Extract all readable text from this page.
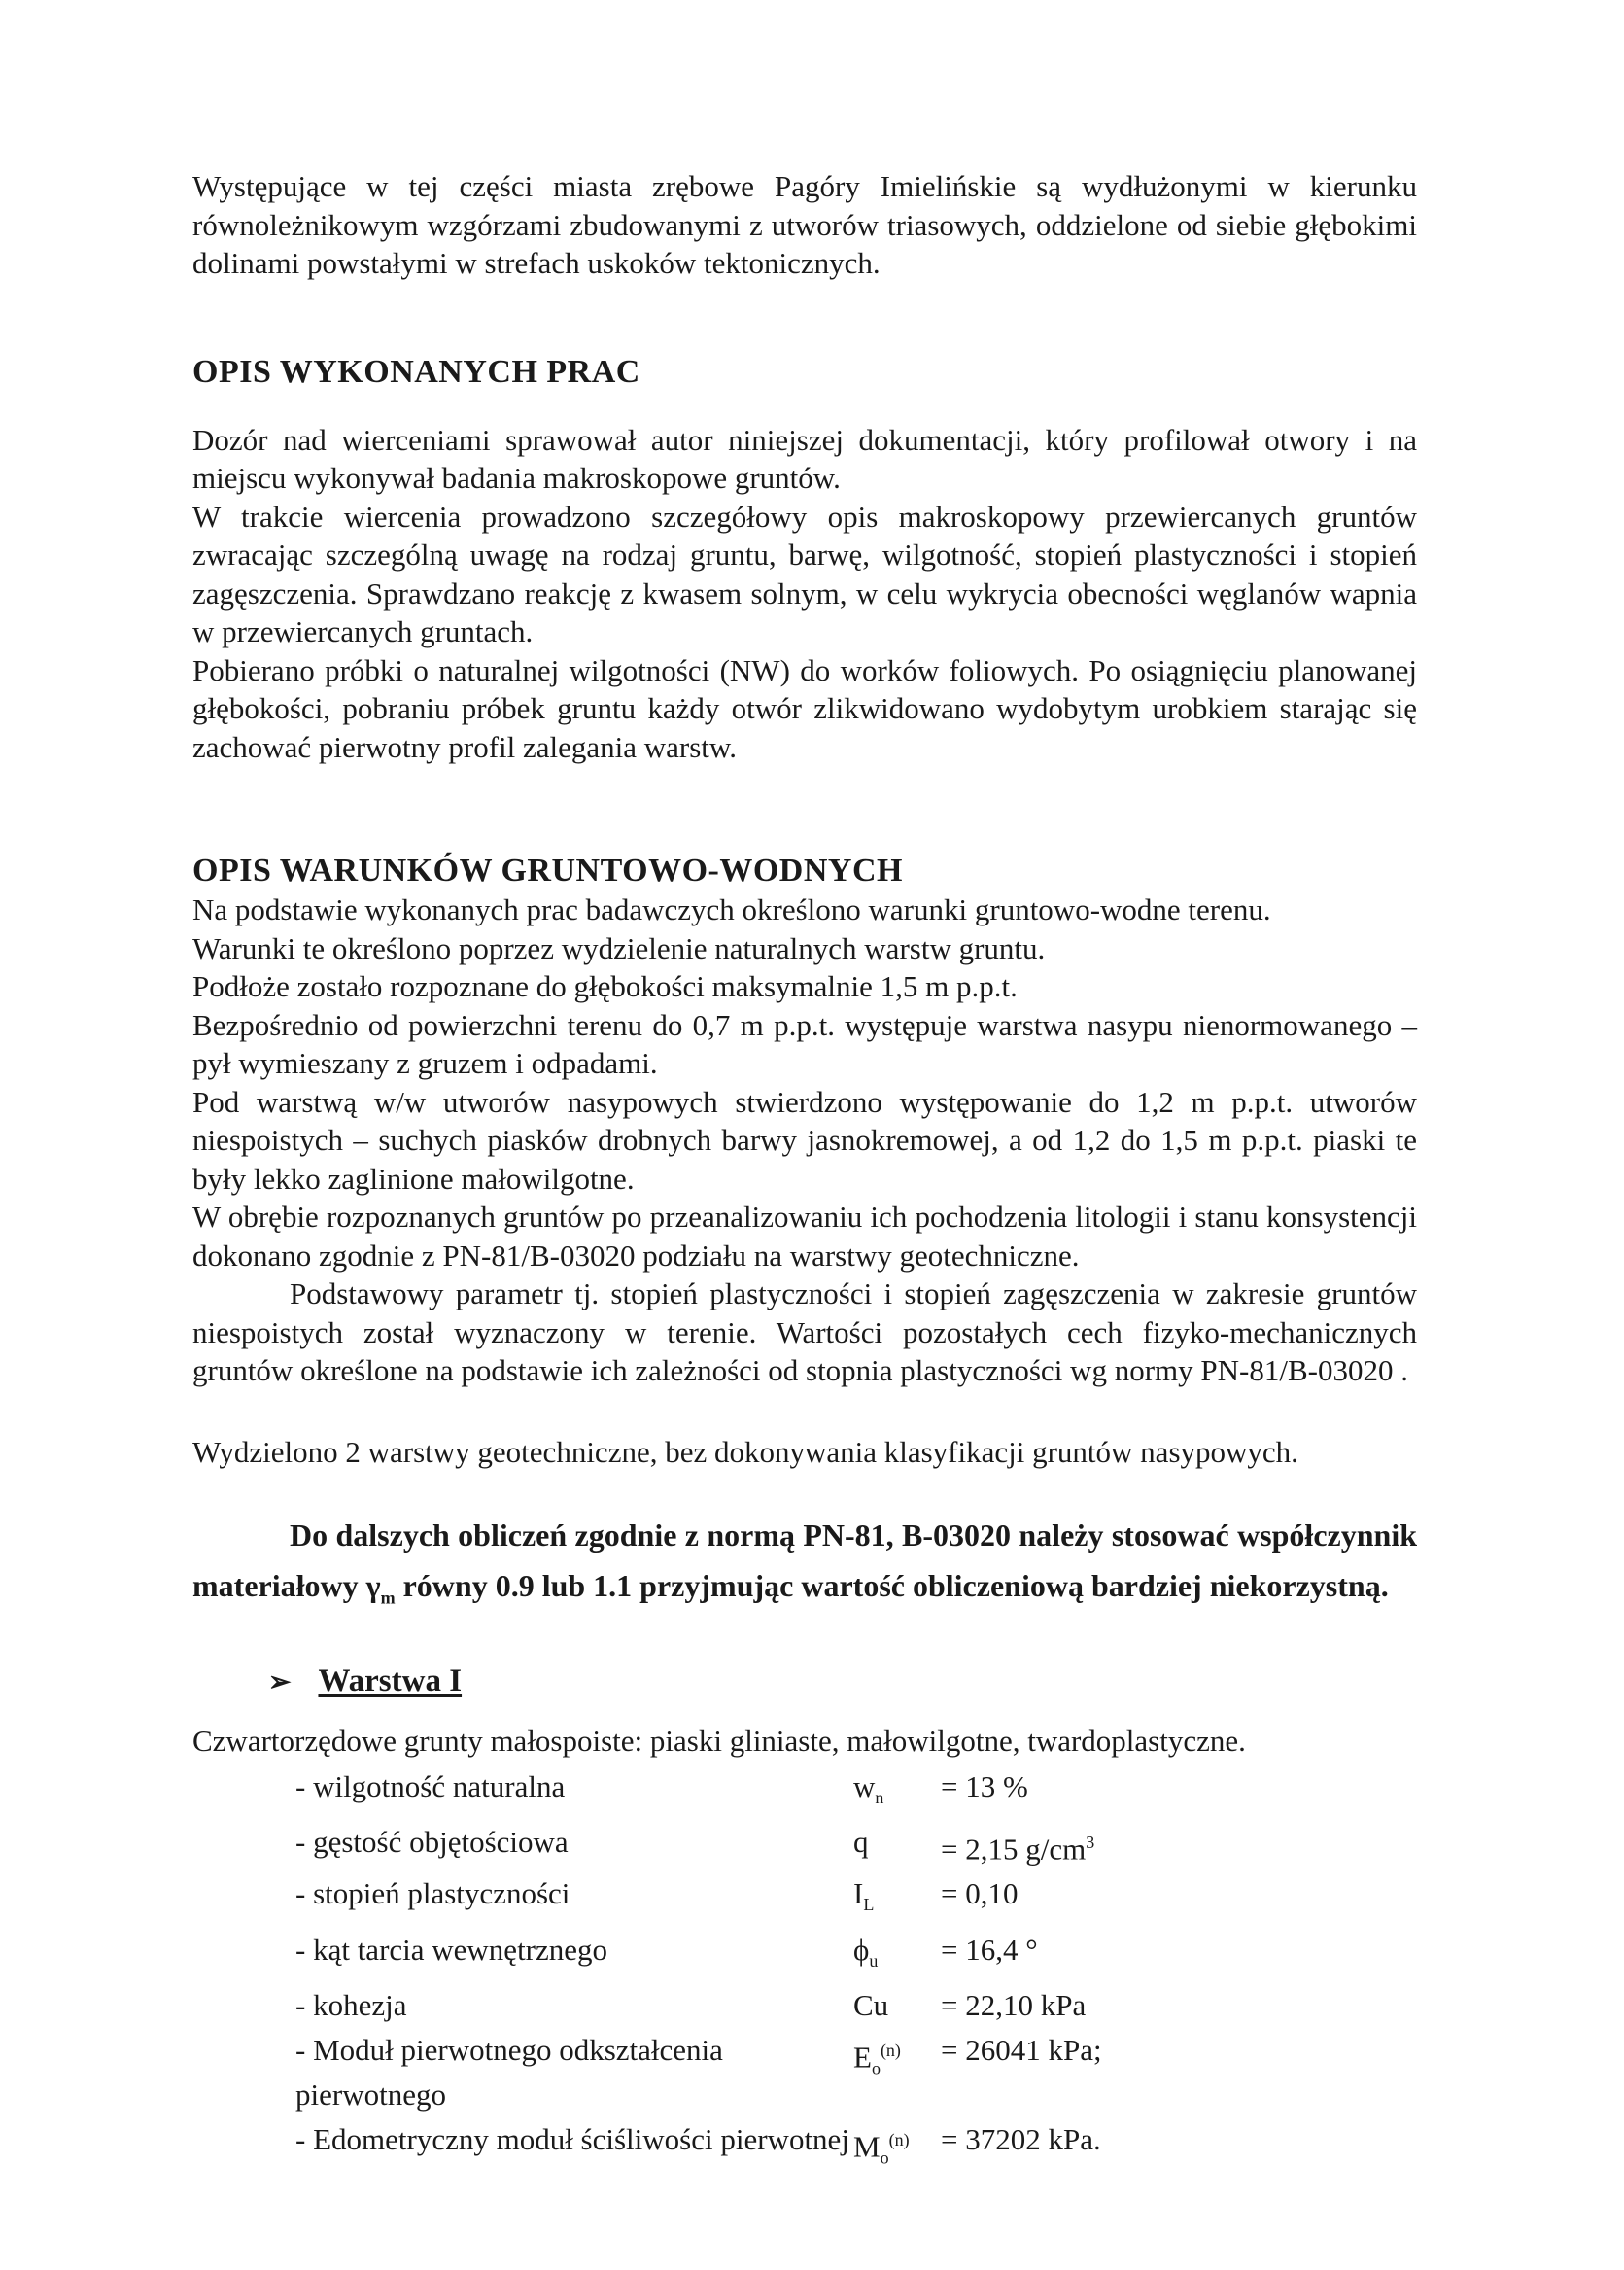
Występujące w tej części miasta zrębowe Pagóry Imielińskie są wydłużonymi w kierunku równoleżnikowym wzgórzami zbudowanymi z utworów triasowych, oddzielone od siebie głębokimi dolinami powstałymi w strefach uskoków tektonicznych.

OPIS WYKONANYCH PRAC

Dozór nad wierceniami sprawował autor niniejszej dokumentacji, który profilował otwory i na miejscu wykonywał badania makroskopowe gruntów.

W trakcie wiercenia prowadzono szczegółowy opis makroskopowy przewiercanych gruntów zwracając szczególną uwagę na rodzaj gruntu, barwę, wilgotność, stopień plastyczności i stopień zagęszczenia. Sprawdzano reakcję z kwasem solnym, w celu wykrycia obecności węglanów wapnia w przewiercanych gruntach.

Pobierano próbki o naturalnej wilgotności (NW) do worków foliowych. Po osiągnięciu planowanej głębokości, pobraniu próbek gruntu każdy otwór zlikwidowano wydobytym urobkiem starając się zachować pierwotny profil zalegania warstw.

OPIS WARUNKÓW GRUNTOWO-WODNYCH

Na podstawie wykonanych prac badawczych określono warunki gruntowo-wodne terenu.

Warunki te określono poprzez wydzielenie naturalnych warstw gruntu.

Podłoże zostało rozpoznane do głębokości maksymalnie 1,5 m p.p.t.

Bezpośrednio od powierzchni terenu do 0,7 m p.p.t. występuje warstwa nasypu nienormowanego – pył wymieszany z gruzem i odpadami.

Pod warstwą w/w utworów nasypowych stwierdzono występowanie do 1,2 m p.p.t. utworów niespoistych – suchych piasków drobnych barwy jasnokremowej, a od 1,2 do 1,5 m p.p.t. piaski te były lekko zaglinione małowilgotne.

W obrębie rozpoznanych gruntów po przeanalizowaniu ich pochodzenia litologii i stanu konsystencji dokonano zgodnie z PN-81/B-03020 podziału na warstwy geotechniczne.

Podstawowy parametr tj. stopień plastyczności i stopień zagęszczenia w zakresie gruntów niespoistych został wyznaczony w terenie. Wartości pozostałych cech fizyko-mechanicznych gruntów określone na podstawie ich zależności od stopnia plastyczności wg normy PN-81/B-03020 .

Wydzielono 2 warstwy geotechniczne, bez dokonywania klasyfikacji gruntów nasypowych.

Do dalszych obliczeń zgodnie z normą PN-81, B-03020 należy stosować współczynnik materiałowy $\gamma_m$ równy 0.9 lub 1.1 przyjmując wartość obliczeniową bardziej niekorzystną.

➢ Warstwa I

Czwartorzędowe grunty małospoiste: piaski gliniaste, małowilgotne, twardoplastyczne.

- wilgotność naturalna	$w_n$	= 13 %
- gęstość objętościowa	q	= 2,15 $g/cm^3$
- stopień plastyczności	$I_L$	= 0,10
- kąt tarcia wewnętrznego	$\phi_u$	= 16,4 °
- kohezja	Cu	= 22,10 kPa
- Moduł pierwotnego odkształcenia pierwotnego
$E_o^{(n)}$	= 26041 kPa;
- Edometryczny moduł ściśliwości pierwotnej $M_o^{(n)}$	= 37202 kPa.
